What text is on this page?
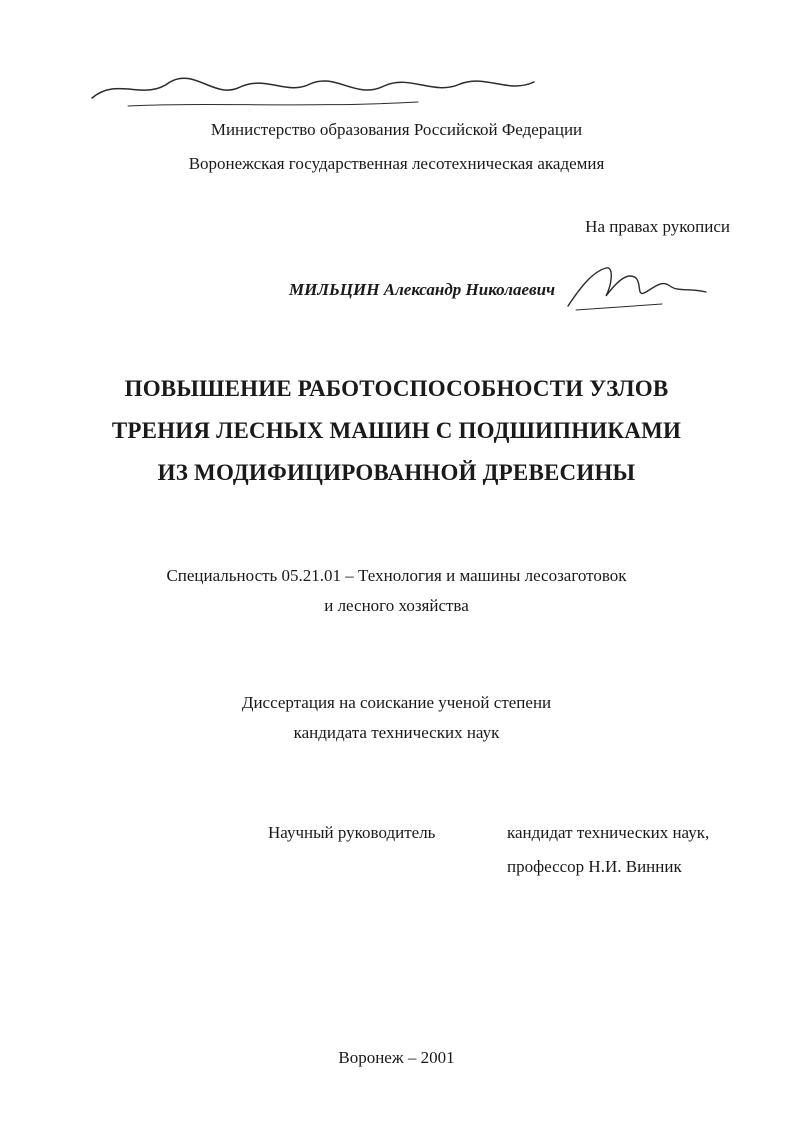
Министерство образования Российской Федерации
Воронежская государственная лесотехническая академия
На правах рукописи
МИЛЬЦИН Александр Николаевич
ПОВЫШЕНИЕ РАБОТОСПОСОБНОСТИ УЗЛОВ
ТРЕНИЯ ЛЕСНЫХ МАШИН С ПОДШИПНИКАМИ
ИЗ МОДИФИЦИРОВАННОЙ ДРЕВЕСИНЫ
Специальность 05.21.01 – Технология и машины лесозаготовок
и лесного хозяйства
Диссертация на соискание ученой степени
кандидата технических наук
Научный руководитель	кандидат технических наук,
профессор Н.И. Винник
Воронеж – 2001
